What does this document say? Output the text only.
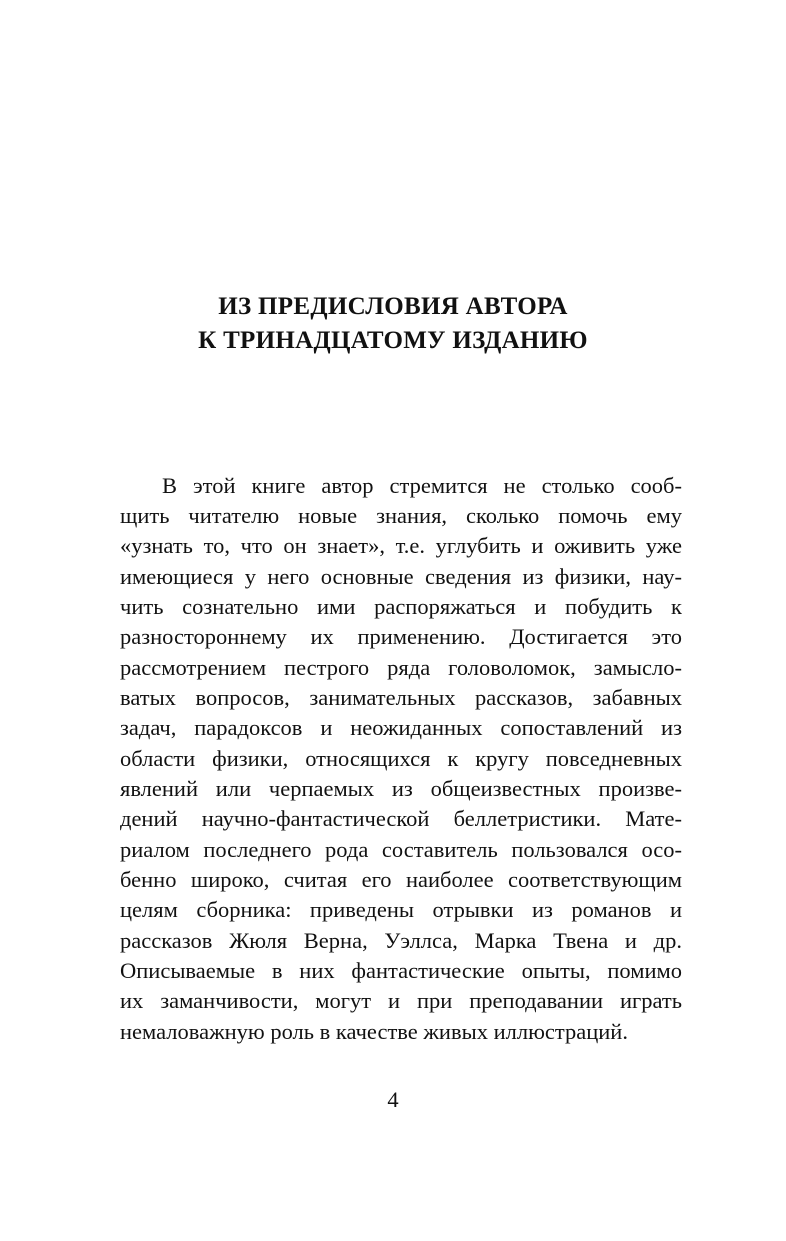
ИЗ ПРЕДИСЛОВИЯ АВТОРА
К ТРИНАДЦАТОМУ ИЗДАНИЮ
В этой книге автор стремится не столько сооб-
щить читателю новые знания, сколько помочь ему
«узнать то, что он знает», т.е. углубить и оживить уже
имеющиеся у него основные сведения из физики, нау-
чить сознательно ими распоряжаться и побудить к
разностороннему их применению. Достигается это
рассмотрением пестрого ряда головоломок, замысло-
ватых вопросов, занимательных рассказов, забавных
задач, парадоксов и неожиданных сопоставлений из
области физики, относящихся к кругу повседневных
явлений или черпаемых из общеизвестных произве-
дений научно-фантастической беллетристики. Мате-
риалом последнего рода составитель пользовался осо-
бенно широко, считая его наиболее соответствующим
целям сборника: приведены отрывки из романов и
рассказов Жюля Верна, Уэллса, Марка Твена и др.
Описываемые в них фантастические опыты, помимо
их заманчивости, могут и при преподавании играть
немаловажную роль в качестве живых иллюстраций.
4
